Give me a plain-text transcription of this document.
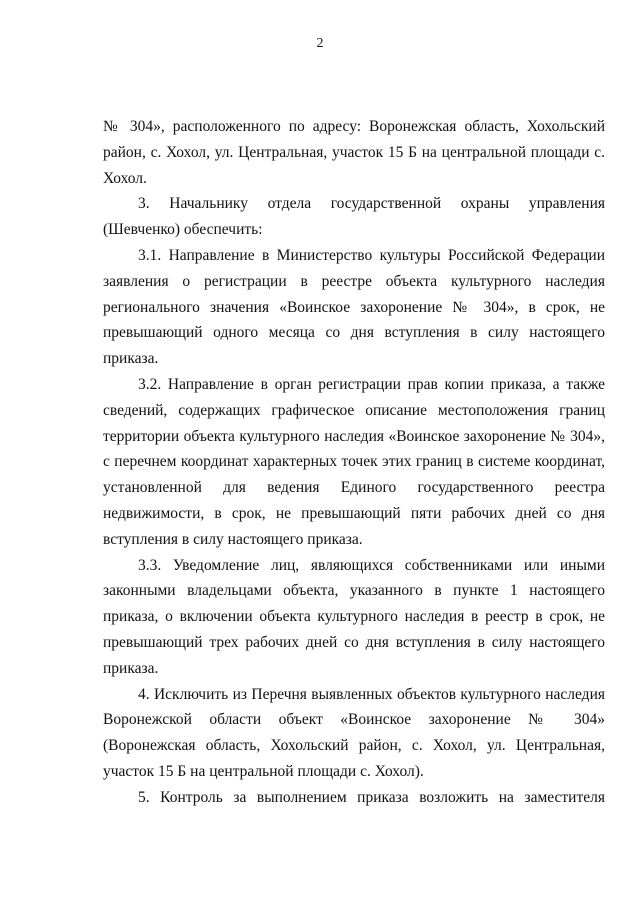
2

№ 304», расположенного по адресу: Воронежская область, Хохольский район, с. Хохол, ул. Центральная, участок 15 Б на центральной площади с. Хохол.

3. Начальнику отдела государственной охраны управления (Шевченко) обеспечить:

3.1. Направление в Министерство культуры Российской Федерации заявления о регистрации в реестре объекта культурного наследия регионального значения «Воинское захоронение № 304», в срок, не превышающий одного месяца со дня вступления в силу настоящего приказа.

3.2. Направление в орган регистрации прав копии приказа, а также сведений, содержащих графическое описание местоположения границ территории объекта культурного наследия «Воинское захоронение № 304», с перечнем координат характерных точек этих границ в системе координат, установленной для ведения Единого государственного реестра недвижимости, в срок, не превышающий пяти рабочих дней со дня вступления в силу настоящего приказа.

3.3. Уведомление лиц, являющихся собственниками или иными законными владельцами объекта, указанного в пункте 1 настоящего приказа, о включении объекта культурного наследия в реестр в срок, не превышающий трех рабочих дней со дня вступления в силу настоящего приказа.

4. Исключить из Перечня выявленных объектов культурного наследия Воронежской области объект «Воинское захоронение № 304» (Воронежская область, Хохольский район, с. Хохол, ул. Центральная, участок 15 Б на центральной площади с. Хохол).

5. Контроль за выполнением приказа возложить на заместителя
